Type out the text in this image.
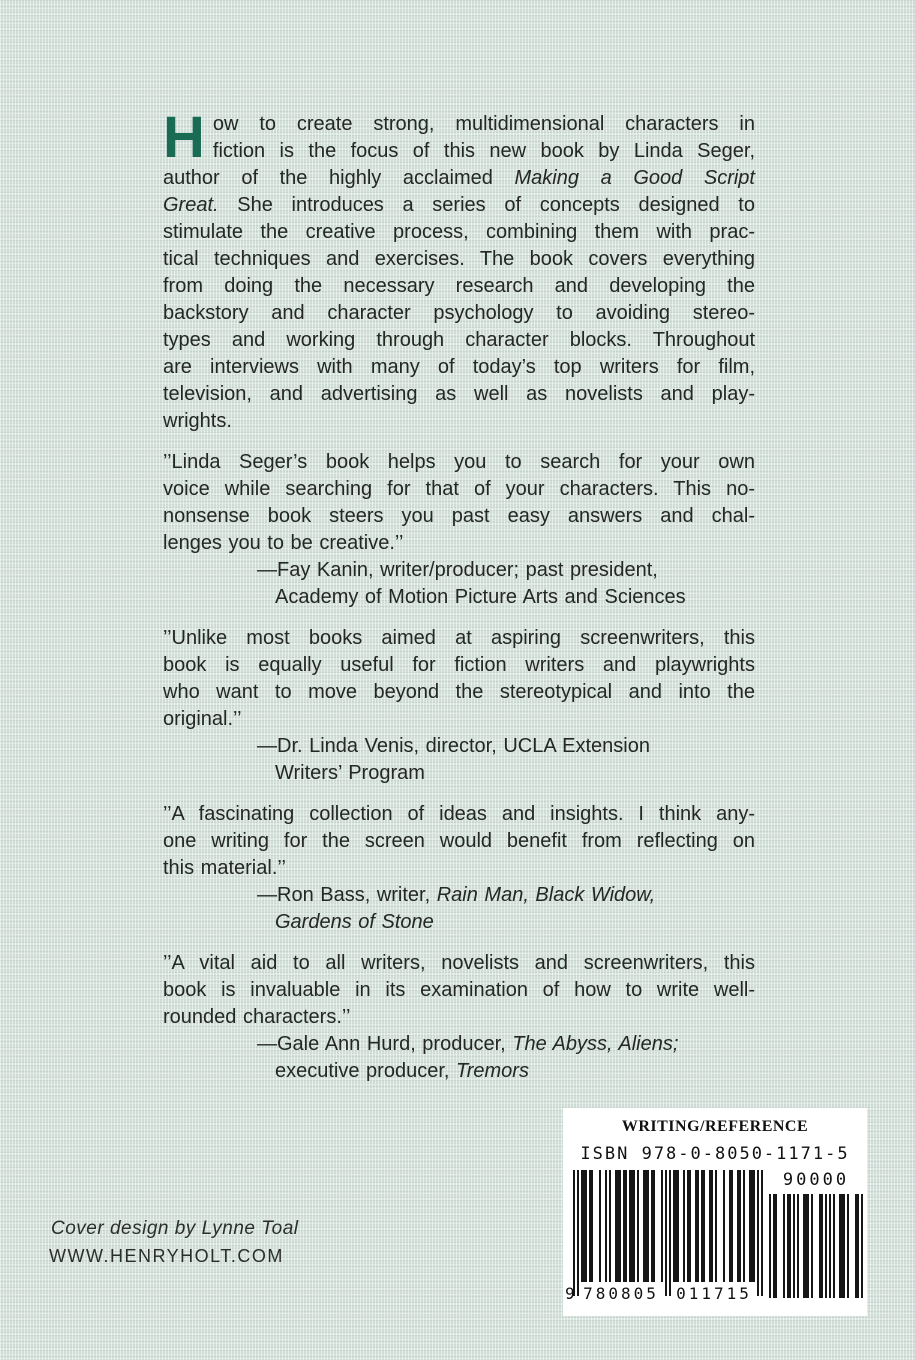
H ow to create strong, multidimensional characters in
fiction is the focus of this new book by Linda Seger,
author of the highly acclaimed Making a Good Script
Great. She introduces a series of concepts designed to
stimulate the creative process, combining them with prac-
tical techniques and exercises. The book covers everything
from doing the necessary research and developing the
backstory and character psychology to avoiding stereo-
types and working through character blocks. Throughout
are interviews with many of today’s top writers for film,
television, and advertising as well as novelists and play-
wrights.
’’Linda Seger’s book helps you to search for your own
voice while searching for that of your characters. This no-
nonsense book steers you past easy answers and chal-
lenges you to be creative.’’
—Fay Kanin, writer/producer; past president,
Academy of Motion Picture Arts and Sciences
’’Unlike most books aimed at aspiring screenwriters, this
book is equally useful for fiction writers and playwrights
who want to move beyond the stereotypical and into the
original.’’
—Dr. Linda Venis, director, UCLA Extension
Writers’ Program
’’A fascinating collection of ideas and insights. I think any-
one writing for the screen would benefit from reflecting on
this material.’’
—Ron Bass, writer, Rain Man, Black Widow,
Gardens of Stone
’’A vital aid to all writers, novelists and screenwriters, this
book is invaluable in its examination of how to write well-
rounded characters.’’
—Gale Ann Hurd, producer, The Abyss, Aliens;
executive producer, Tremors
Cover design by Lynne Toal
WWW.HENRYHOLT.COM
WRITING/REFERENCE
ISBN 978-0-8050-1171-5
90000
9 780805 011715
